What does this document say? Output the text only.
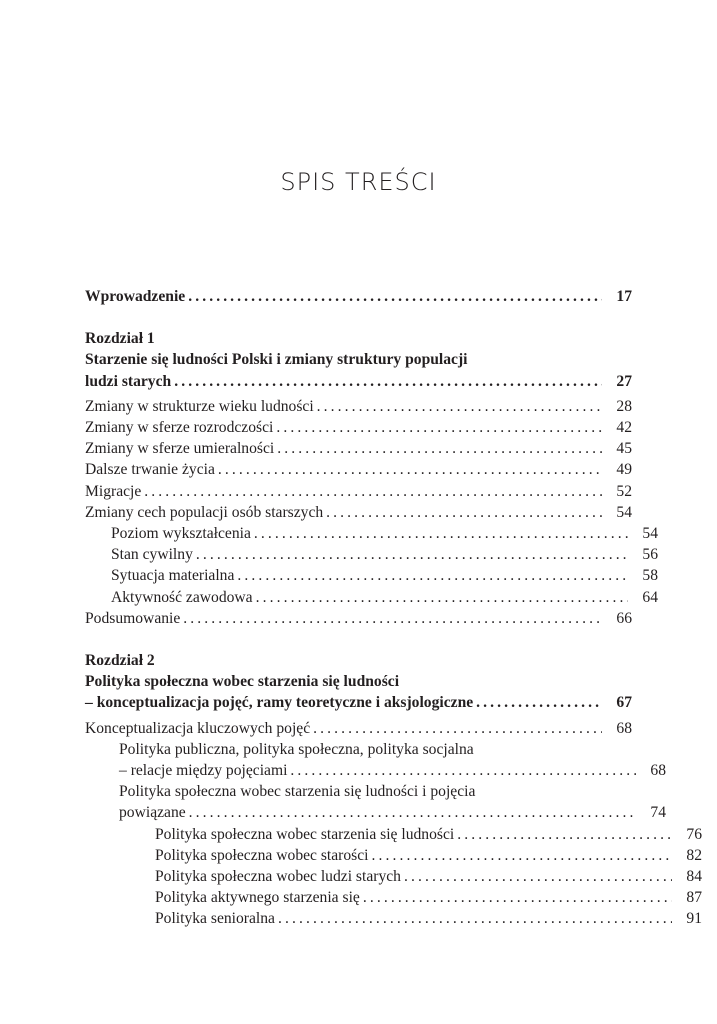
SPIS TREŚCI
Wprowadzenie . . .	17
Rozdział 1
Starzenie się ludności Polski i zmiany struktury populacji
ludzi starych . . .	27
Zmiany w strukturze wieku ludności . . .	28
Zmiany w sferze rozrodczości . . .	42
Zmiany w sferze umieralności . . .	45
Dalsze trwanie życia . . .	49
Migracje . . .	52
Zmiany cech populacji osób starszych . . .	54
Poziom wykształcenia . . .	54
Stan cywilny . . .	56
Sytuacja materialna . . .	58
Aktywność zawodowa . . .	64
Podsumowanie . . .	66
Rozdział 2
Polityka społeczna wobec starzenia się ludności
– konceptualizacja pojęć, ramy teoretyczne i aksjologiczne . . .	67
Konceptualizacja kluczowych pojęć . . .	68
Polityka publiczna, polityka społeczna, polityka socjalna
– relacje między pojęciami . . .	68
Polityka społeczna wobec starzenia się ludności i pojęcia
powiązane . . .	74
Polityka społeczna wobec starzenia się ludności . . .	76
Polityka społeczna wobec starości . . .	82
Polityka społeczna wobec ludzi starych . . .	84
Polityka aktywnego starzenia się . . .	87
Polityka senioralna . . .	91
